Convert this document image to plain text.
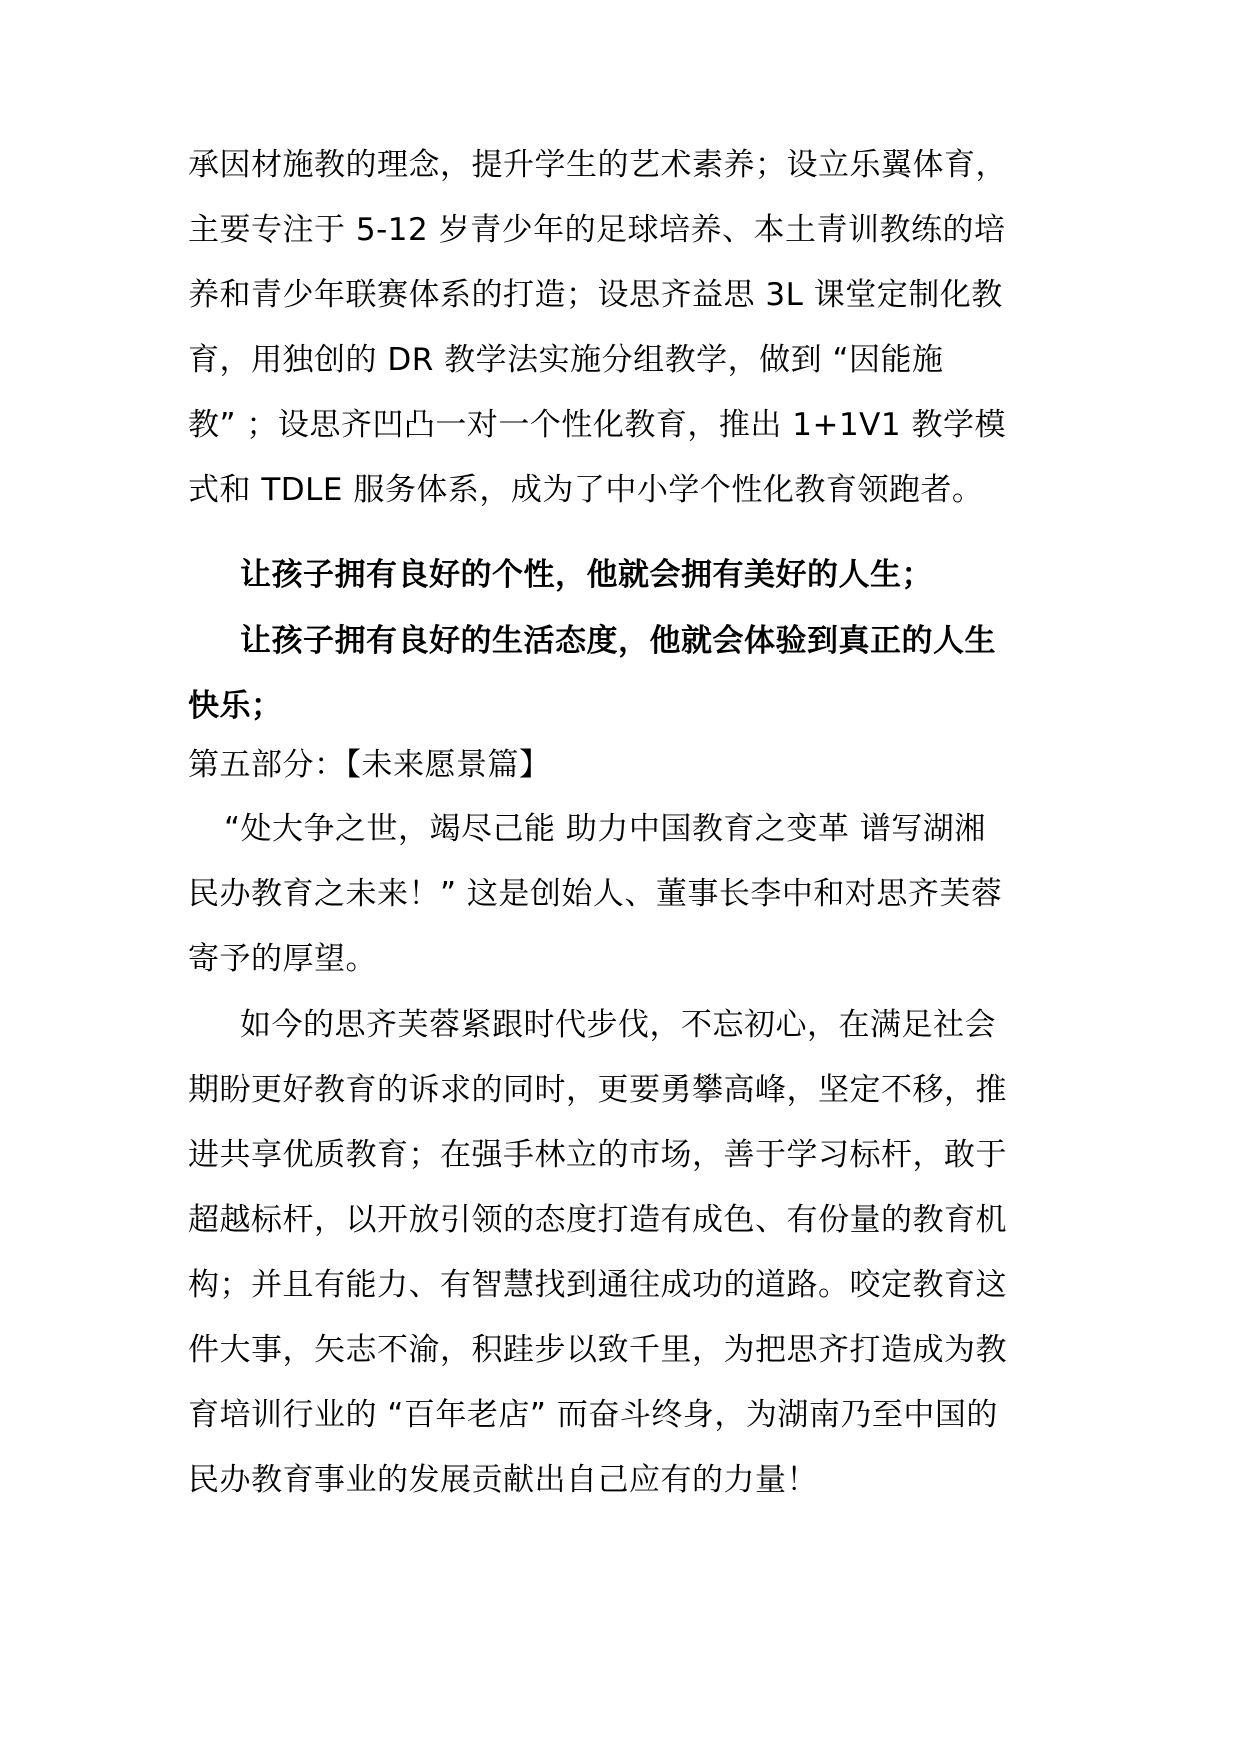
承因材施教的理念，提升学生的艺术素养；设立乐翼体育，
主要专注于 5-12 岁青少年的足球培养、本土青训教练的培
养和青少年联赛体系的打造；设思齐益思 3L 课堂定制化教
育，用独创的 DR 教学法实施分组教学，做到 “因能施
教” ；设思齐凹凸一对一个性化教育，推出 1+1V1 教学模
式和 TDLE 服务体系，成为了中小学个性化教育领跑者。
让孩子拥有良好的个性，他就会拥有美好的人生；
让孩子拥有良好的生活态度，他就会体验到真正的人生
快乐；
第五部分：【未来愿景篇】
“处大争之世，竭尽己能 助力中国教育之变革 谱写湖湘
民办教育之未来！” 这是创始人、董事长李中和对思齐芙蓉
寄予的厚望。
如今的思齐芙蓉紧跟时代步伐，不忘初心，在满足社会
期盼更好教育的诉求的同时，更要勇攀高峰，坚定不移，推
进共享优质教育；在强手林立的市场，善于学习标杆，敢于
超越标杆，以开放引领的态度打造有成色、有份量的教育机
构；并且有能力、有智慧找到通往成功的道路。咬定教育这
件大事，矢志不渝，积跬步以致千里，为把思齐打造成为教
育培训行业的 “百年老店” 而奋斗终身，为湖南乃至中国的
民办教育事业的发展贡献出自己应有的力量！
